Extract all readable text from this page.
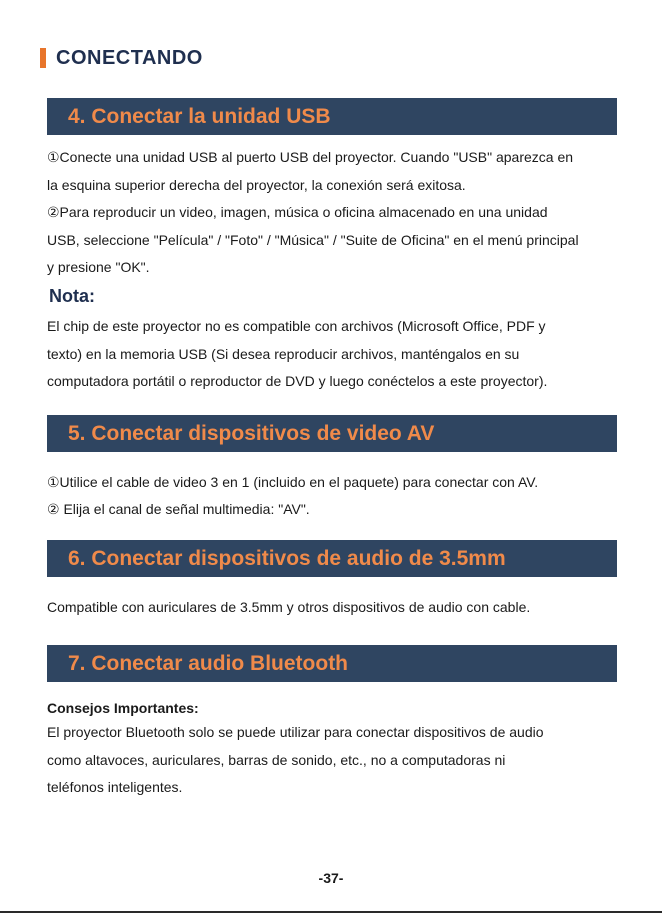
CONECTANDO
4. Conectar la unidad USB
①Conecte una unidad USB al puerto USB del proyector. Cuando "USB" aparezca en
la esquina superior derecha del proyector, la conexión será exitosa.
②Para reproducir un video, imagen, música o oficina almacenado en una unidad
USB, seleccione "Película" / "Foto" / "Música" / "Suite de Oficina" en el menú principal
y presione "OK".
Nota:
El chip de este proyector no es compatible con archivos (Microsoft Office, PDF y
texto) en la memoria USB (Si desea reproducir archivos, manténgalos en su
computadora portátil o reproductor de DVD y luego conéctelos a este proyector).
5. Conectar dispositivos de video AV
①Utilice el cable de video 3 en 1 (incluido en el paquete) para conectar con AV.
② Elija el canal de señal multimedia: "AV".
6. Conectar dispositivos de audio de 3.5mm
Compatible con auriculares de 3.5mm y otros dispositivos de audio con cable.
7. Conectar audio Bluetooth
Consejos Importantes:
El proyector Bluetooth solo se puede utilizar para conectar dispositivos de audio
como altavoces, auriculares, barras de sonido, etc., no a computadoras ni
teléfonos inteligentes.
-37-
